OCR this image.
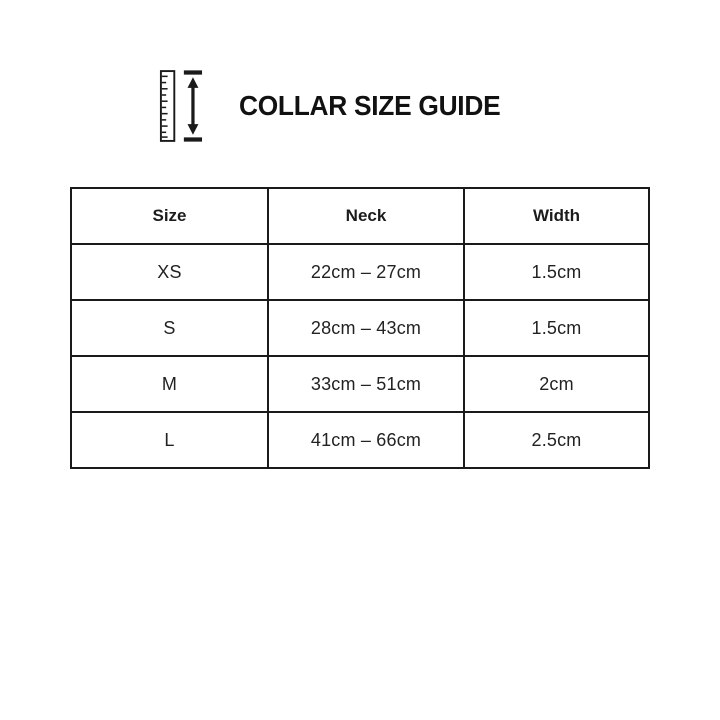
COLLAR SIZE GUIDE
Size	Neck	Width
XS	22cm – 27cm	1.5cm
S	28cm – 43cm	1.5cm
M	33cm – 51cm	2cm
L	41cm – 66cm	2.5cm
